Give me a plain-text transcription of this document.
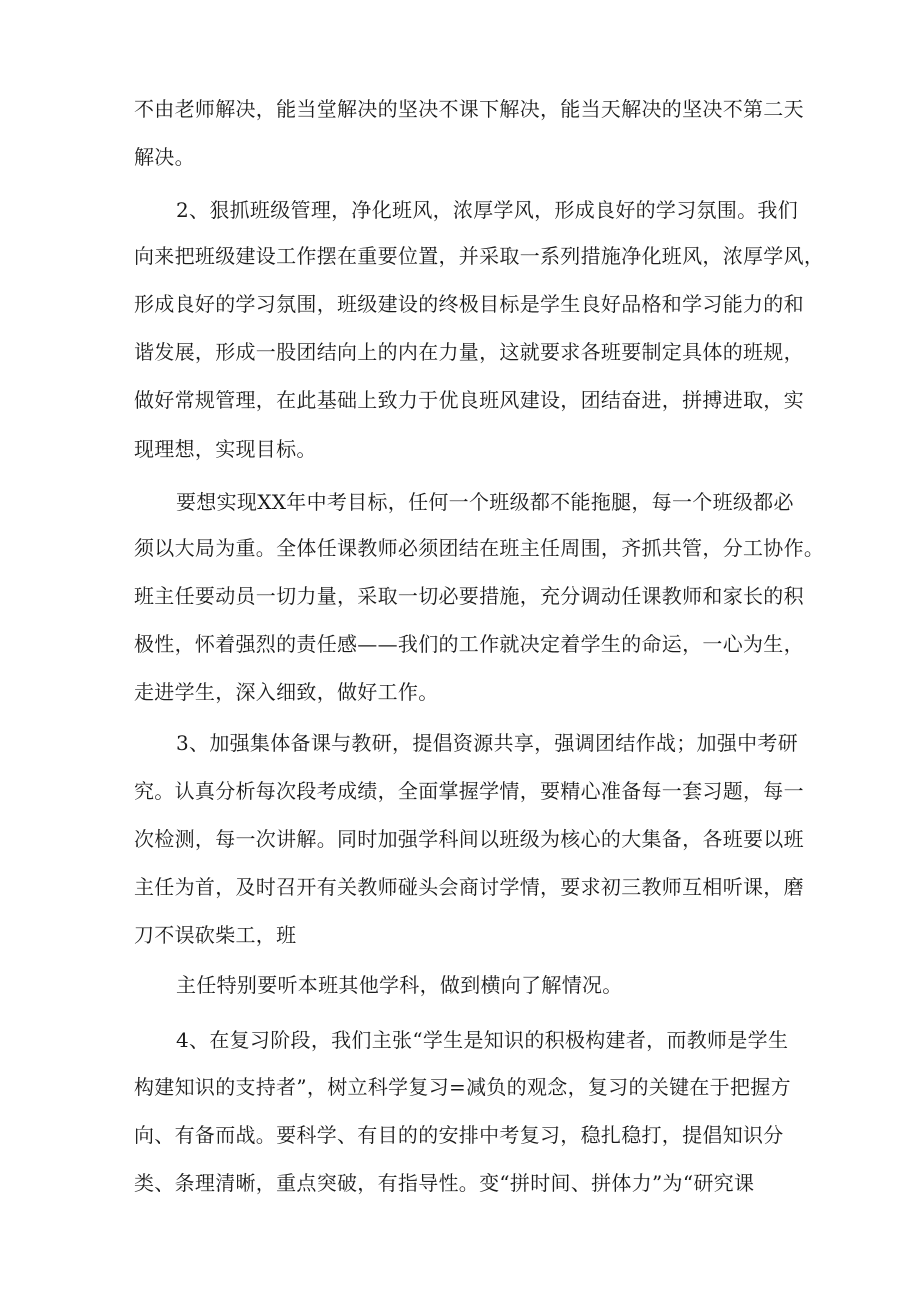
不由老师解决，能当堂解决的坚决不课下解决，能当天解决的坚决不第二天
解决。
2、狠抓班级管理，净化班风，浓厚学风，形成良好的学习氛围。我们
向来把班级建设工作摆在重要位置，并采取一系列措施净化班风，浓厚学风，
形成良好的学习氛围，班级建设的终极目标是学生良好品格和学习能力的和
谐发展，形成一股团结向上的内在力量，这就要求各班要制定具体的班规，
做好常规管理，在此基础上致力于优良班风建设，团结奋进，拼搏进取，实
现理想，实现目标。
要想实现XX年中考目标，任何一个班级都不能拖腿，每一个班级都必
须以大局为重。全体任课教师必须团结在班主任周围，齐抓共管，分工协作。
班主任要动员一切力量，采取一切必要措施，充分调动任课教师和家长的积
极性，怀着强烈的责任感——我们的工作就决定着学生的命运，一心为生，
走进学生，深入细致，做好工作。
3、加强集体备课与教研，提倡资源共享，强调团结作战；加强中考研
究。认真分析每次段考成绩，全面掌握学情，要精心准备每一套习题，每一
次检测，每一次讲解。同时加强学科间以班级为核心的大集备，各班要以班
主任为首，及时召开有关教师碰头会商讨学情，要求初三教师互相听课，磨
刀不误砍柴工，班
主任特别要听本班其他学科，做到横向了解情况。
4、在复习阶段，我们主张“学生是知识的积极构建者，而教师是学生
构建知识的支持者”，树立科学复习=减负的观念，复习的关键在于把握方
向、有备而战。要科学、有目的的安排中考复习，稳扎稳打，提倡知识分
类、条理清晰，重点突破，有指导性。变“拼时间、拼体力”为“研究课
